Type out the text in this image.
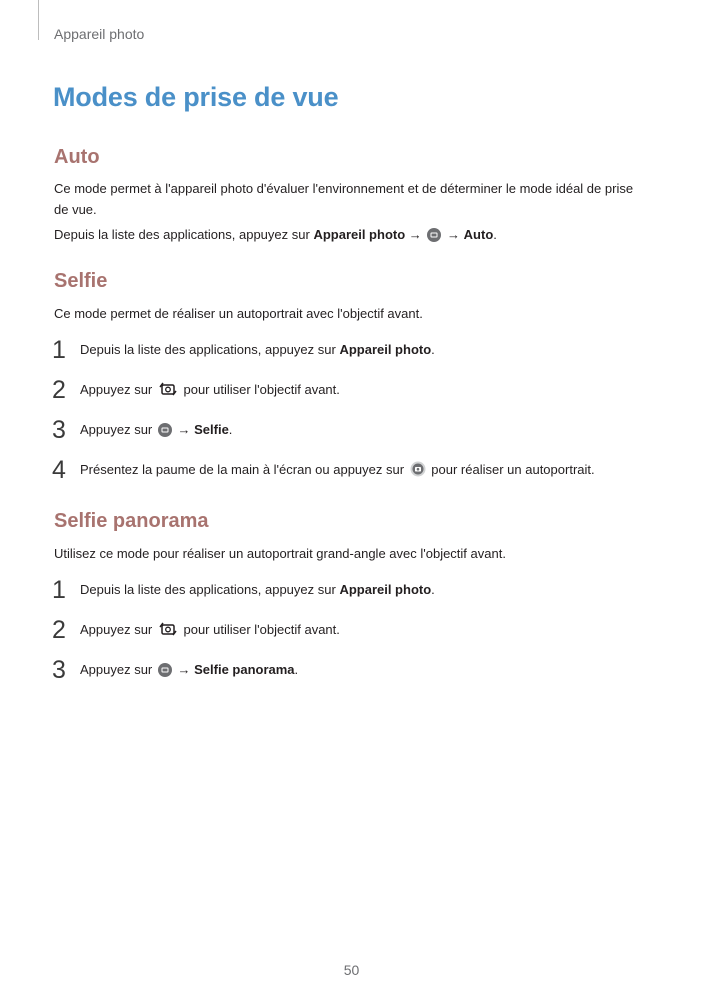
Appareil photo
Modes de prise de vue
Auto
Ce mode permet à l'appareil photo d'évaluer l'environnement et de déterminer le mode idéal de prise de vue.
Depuis la liste des applications, appuyez sur Appareil photo → → Auto.
Selfie
Ce mode permet de réaliser un autoportrait avec l'objectif avant.
1	Depuis la liste des applications, appuyez sur Appareil photo.
2	Appuyez sur  pour utiliser l'objectif avant.
3	Appuyez sur  → Selfie.
4	Présentez la paume de la main à l'écran ou appuyez sur  pour réaliser un autoportrait.
Selfie panorama
Utilisez ce mode pour réaliser un autoportrait grand-angle avec l'objectif avant.
1	Depuis la liste des applications, appuyez sur Appareil photo.
2	Appuyez sur  pour utiliser l'objectif avant.
3	Appuyez sur  → Selfie panorama.
50
